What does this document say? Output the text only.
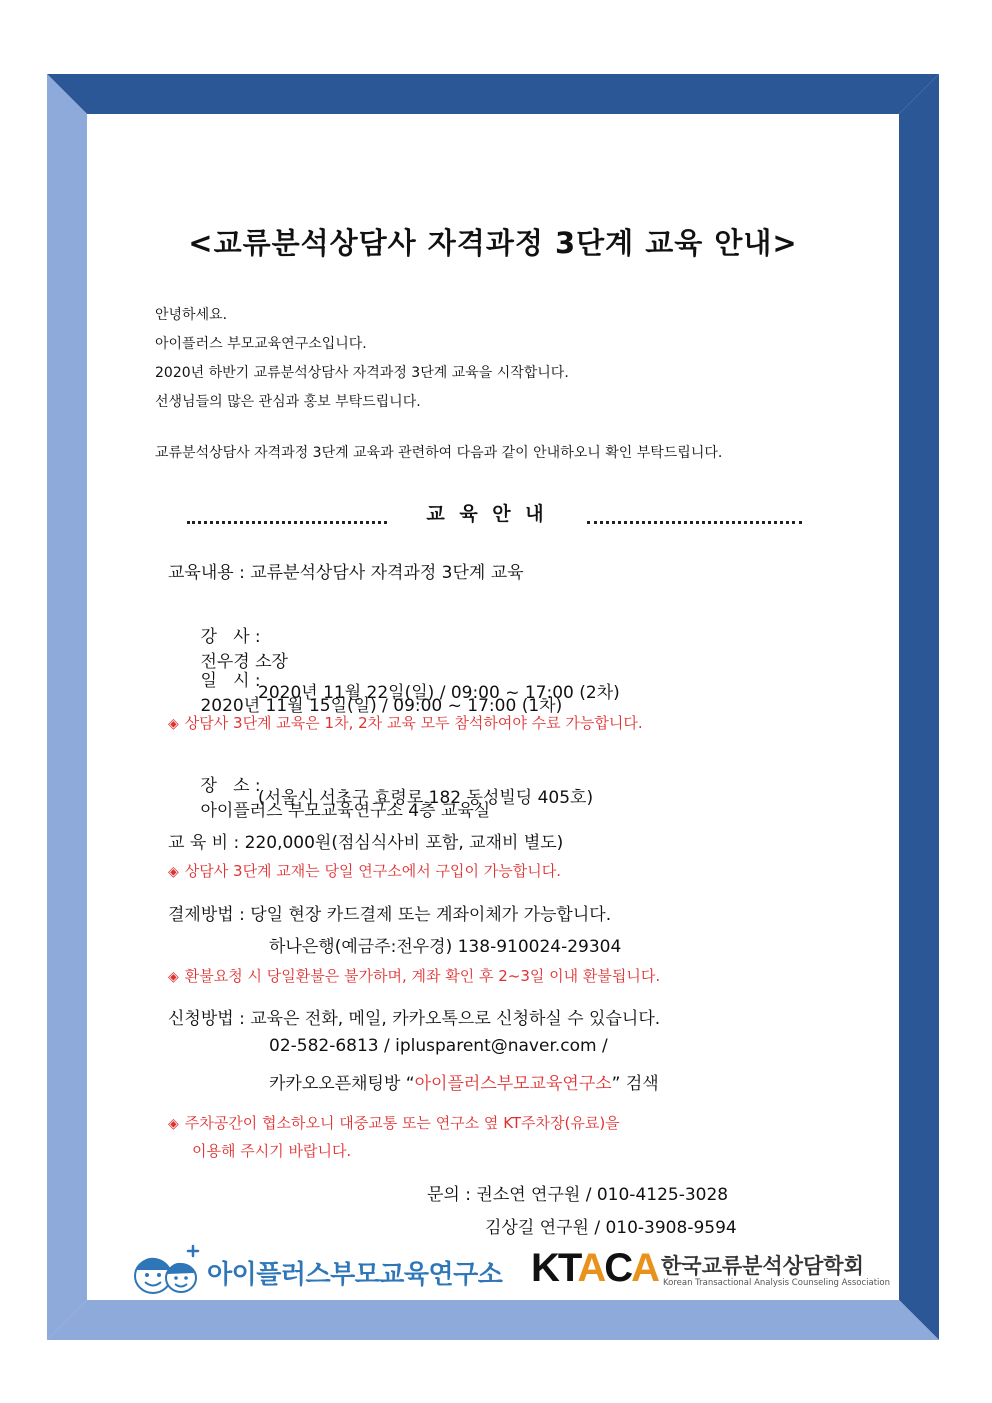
<교류분석상담사 자격과정 3단계 교육 안내>
안녕하세요.
아이플러스 부모교육연구소입니다.
2020년 하반기 교류분석상담사 자격과정 3단계 교육을 시작합니다.
선생님들의 많은 관심과 홍보 부탁드립니다.
교류분석상담사 자격과정 3단계 교육과 관련하여 다음과 같이 안내하오니 확인 부탁드립니다.
교 육 안 내
교육내용 : 교류분석상담사 자격과정 3단계 교육

강   사 :
전우경 소장

일   시 :
2020년 11월 15일(일) / 09:00 ~ 17:00 (1차)

2020년 11월 22일(일) / 09:00 ~ 17:00 (2차)
◈ 상담사 3단계 교육은 1차, 2차 교육 모두 참석하여야 수료 가능합니다.

장   소 :
아이플러스 부모교육연구소 4층 교육실

(서울시 서초구 효령로 182 동성빌딩 405호)
교 육 비 : 220,000원(점심식사비 포함, 교재비 별도)
◈ 상담사 3단계 교재는 당일 연구소에서 구입이 가능합니다.
결제방법 : 당일 현장 카드결제 또는 계좌이체가 가능합니다.
하나은행(예금주:전우경) 138-910024-29304
◈ 환불요청 시 당일환불은 불가하며, 계좌 확인 후 2~3일 이내 환불됩니다.
신청방법 : 교육은 전화, 메일, 카카오톡으로 신청하실 수 있습니다.
02-582-6813 / iplusparent@naver.com /
카카오오픈채팅방 “아이플러스부모교육연구소” 검색
◈ 주차공간이 협소하오니 대중교통 또는 연구소 옆 KT주차장(유료)을
이용해 주시기 바랍니다.
문의 : 권소연 연구원 / 010-4125-3028
김상길 연구원 / 010-3908-9594
아이플러스부모교육연구소 KTACA 한국교류분석상담학회
Korean Transactional Analysis Counseling Association
